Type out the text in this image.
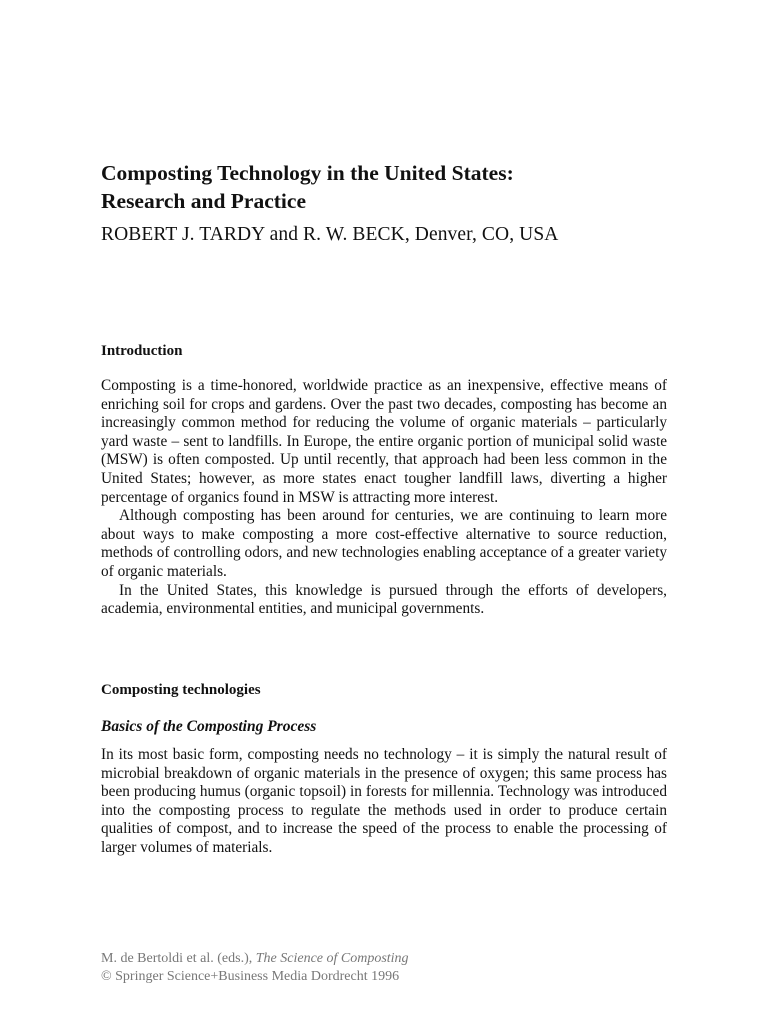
Composting Technology in the United States:
Research and Practice

ROBERT J. TARDY and R. W. BECK, Denver, CO, USA

Introduction

Composting is a time-honored, worldwide practice as an inexpensive, effective means of enriching soil for crops and gardens. Over the past two decades, composting has become an increasingly common method for reducing the volume of organic materials – particularly yard waste – sent to landfills. In Europe, the entire organic portion of municipal solid waste (MSW) is often composted. Up until recently, that approach had been less common in the United States; however, as more states enact tougher landfill laws, diverting a higher percentage of organics found in MSW is attracting more interest.

Although composting has been around for centuries, we are continuing to learn more about ways to make composting a more cost-effective alternative to source reduction, methods of controlling odors, and new technologies enabling acceptance of a greater variety of organic materials.

In the United States, this knowledge is pursued through the efforts of developers, academia, environmental entities, and municipal governments.

Composting technologies
Basics of the Composting Process

In its most basic form, composting needs no technology – it is simply the natural result of microbial breakdown of organic materials in the presence of oxygen; this same process has been producing humus (organic topsoil) in forests for millennia. Technology was introduced into the composting process to regulate the methods used in order to produce certain qualities of compost, and to increase the speed of the process to enable the processing of larger volumes of materials.

M. de Bertoldi et al. (eds.), The Science of Composting
© Springer Science+Business Media Dordrecht 1996
